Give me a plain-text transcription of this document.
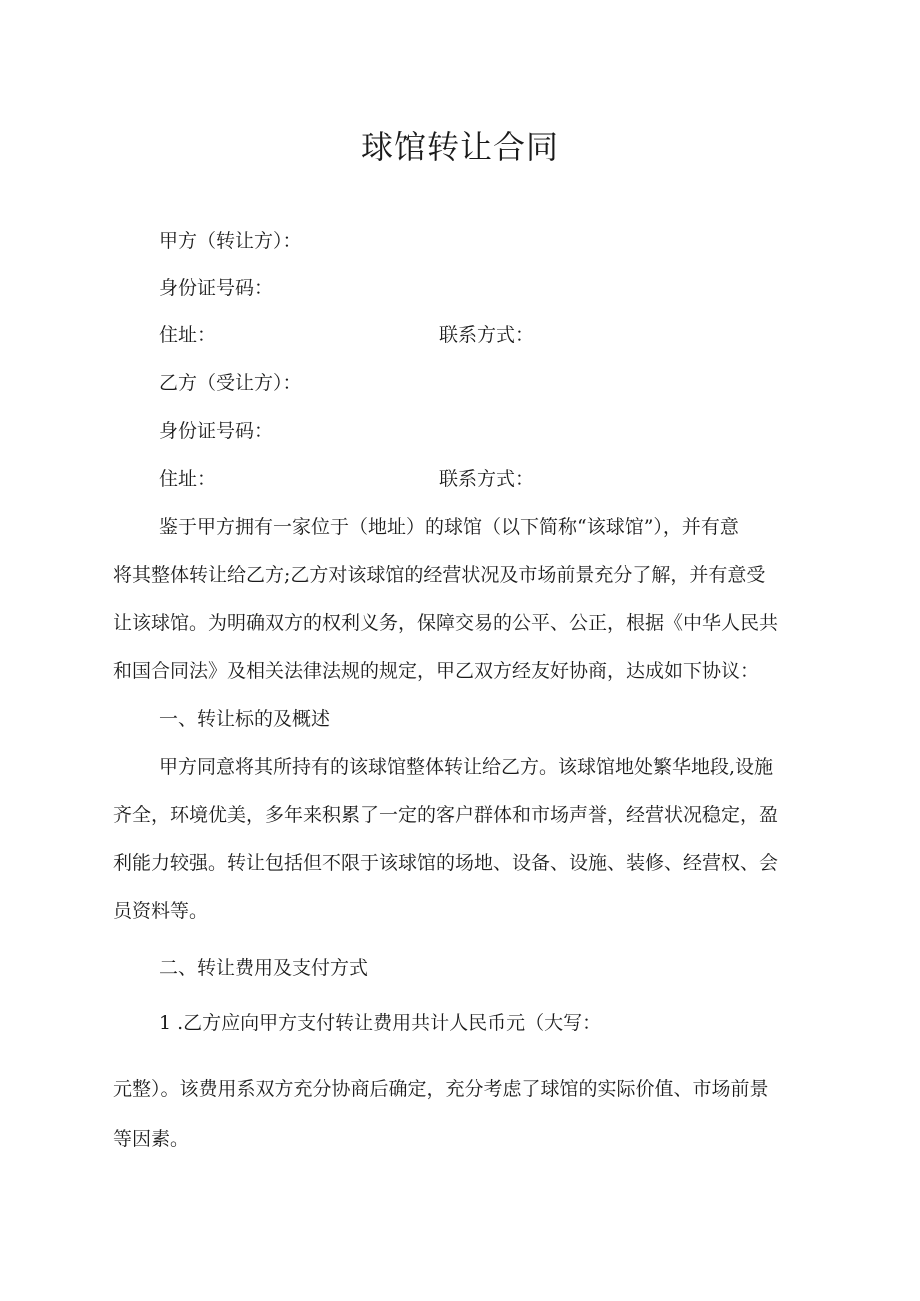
球馆转让合同
甲方（转让方）：
身份证号码：
住址：	联系方式：
乙方（受让方）：
身份证号码：
住址：	联系方式：
鉴于甲方拥有一家位于（地址）的球馆（以下简称“该球馆”），并有意
将其整体转让给乙方;乙方对该球馆的经营状况及市场前景充分了解，并有意受
让该球馆。为明确双方的权利义务，保障交易的公平、公正，根据《中华人民共
和国合同法》及相关法律法规的规定，甲乙双方经友好协商，达成如下协议：
一、转让标的及概述
甲方同意将其所持有的该球馆整体转让给乙方。该球馆地处繁华地段,设施
齐全，环境优美，多年来积累了一定的客户群体和市场声誉，经营状况稳定，盈
利能力较强。转让包括但不限于该球馆的场地、设备、设施、装修、经营权、会
员资料等。
二、转让费用及支付方式
1 .乙方应向甲方支付转让费用共计人民币元（大写：
元整）。该费用系双方充分协商后确定，充分考虑了球馆的实际价值、市场前景
等因素。
